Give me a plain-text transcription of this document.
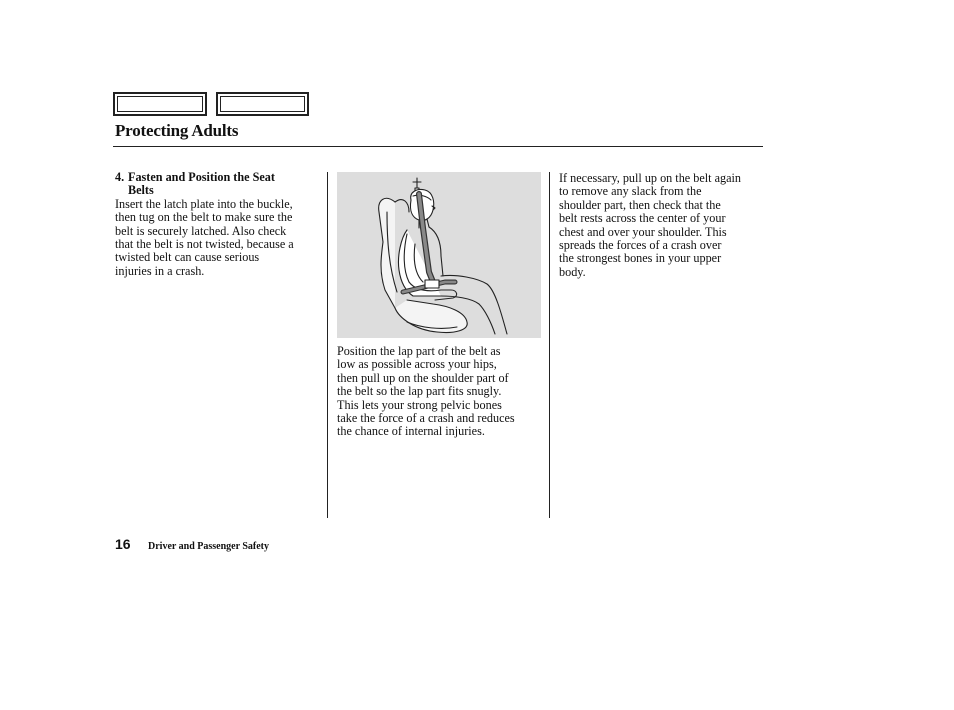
Protecting Adults
4. Fasten and Position the Seat
Belts
Insert the latch plate into the buckle,
then tug on the belt to make sure the
belt is securely latched. Also check
that the belt is not twisted, because a
twisted belt can cause serious
injuries in a crash.
Position the lap part of the belt as
low as possible across your hips,
then pull up on the shoulder part of
the belt so the lap part fits snugly.
This lets your strong pelvic bones
take the force of a crash and reduces
the chance of internal injuries.
If necessary, pull up on the belt again
to remove any slack from the
shoulder part, then check that the
belt rests across the center of your
chest and over your shoulder. This
spreads the forces of a crash over
the strongest bones in your upper
body.
16 Driver and Passenger Safety
